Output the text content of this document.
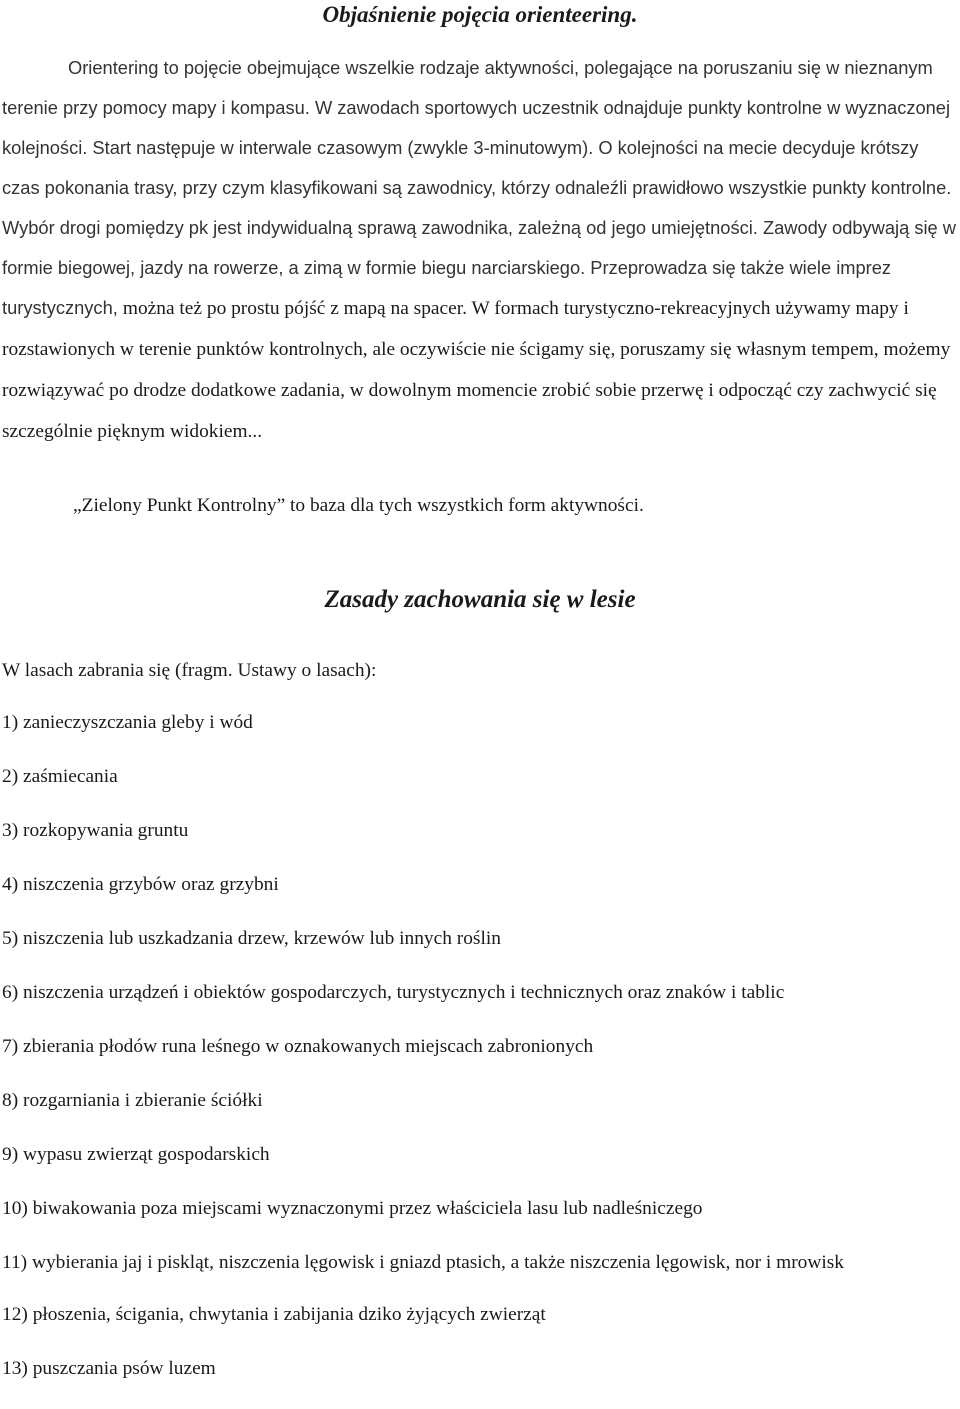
Objaśnienie pojęcia orienteering.

Orientering to pojęcie obejmujące wszelkie rodzaje aktywności, polegające na poruszaniu się w nieznanym terenie przy pomocy mapy i kompasu. W zawodach sportowych uczestnik odnajduje punkty kontrolne w wyznaczonej kolejności. Start następuje w interwale czasowym (zwykle 3-minutowym). O kolejności na mecie decyduje krótszy czas pokonania trasy, przy czym klasyfikowani są zawodnicy, którzy odnaleźli prawidłowo wszystkie punkty kontrolne. Wybór drogi pomiędzy pk jest indywidualną sprawą zawodnika, zależną od jego umiejętności. Zawody odbywają się w formie biegowej, jazdy na rowerze, a zimą w formie biegu narciarskiego. Przeprowadza się także wiele imprez turystycznych, można też po prostu pójść z mapą na spacer. W formach turystyczno-rekreacyjnych używamy mapy i rozstawionych w terenie punktów kontrolnych, ale oczywiście nie ścigamy się, poruszamy się własnym tempem, możemy rozwiązywać po drodze dodatkowe zadania, w dowolnym momencie zrobić sobie przerwę i odpocząć czy zachwycić się szczególnie pięknym widokiem...

„Zielony Punkt Kontrolny” to baza dla tych wszystkich form aktywności.

Zasady zachowania się w lesie

W lasach zabrania się (fragm. Ustawy o lasach):

1) zanieczyszczania gleby i wód
2) zaśmiecania
3) rozkopywania gruntu
4) niszczenia grzybów oraz grzybni
5) niszczenia lub uszkadzania drzew, krzewów lub innych roślin
6) niszczenia urządzeń i obiektów gospodarczych, turystycznych i technicznych oraz znaków i tablic
7) zbierania płodów runa leśnego w oznakowanych miejscach zabronionych
8) rozgarniania i zbieranie ściółki
9) wypasu zwierząt gospodarskich
10) biwakowania poza miejscami wyznaczonymi przez właściciela lasu lub nadleśniczego
11) wybierania jaj i piskląt, niszczenia lęgowisk i gniazd ptasich, a także niszczenia lęgowisk, nor i mrowisk
12) płoszenia, ścigania, chwytania i zabijania dziko żyjących zwierząt
13) puszczania psów luzem
